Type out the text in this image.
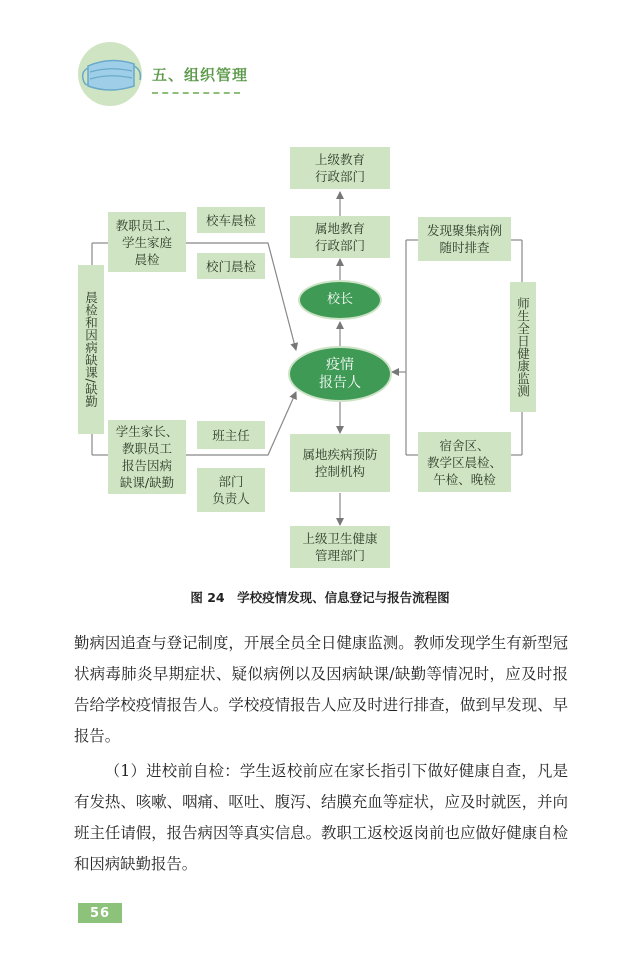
五、组织管理
晨检和因病缺课/缺勤	师生全日健康监测
教职员工、
学生家庭
晨检
校车晨检
校门晨检
学生家长、
教职员工
报告因病
缺课/缺勤
班主任
部门
负责人
上级教育
行政部门
属地教育
行政部门
校长
疫情
报告人
属地疾病预防
控制机构
上级卫生健康
管理部门
发现聚集病例
随时排查
宿舍区、
教学区晨检、
午检、晚检
图 24　学校疫情发现、信息登记与报告流程图
勤病因追查与登记制度，开展全员全日健康监测。教师发现学生有新型冠状病毒肺炎早期症状、疑似病例以及因病缺课/缺勤等情况时，应及时报告给学校疫情报告人。学校疫情报告人应及时进行排查，做到早发现、早报告。
（1）进校前自检：学生返校前应在家长指引下做好健康自查，凡是有发热、咳嗽、咽痛、呕吐、腹泻、结膜充血等症状，应及时就医，并向班主任请假，报告病因等真实信息。教职工返校返岗前也应做好健康自检和因病缺勤报告。
56
